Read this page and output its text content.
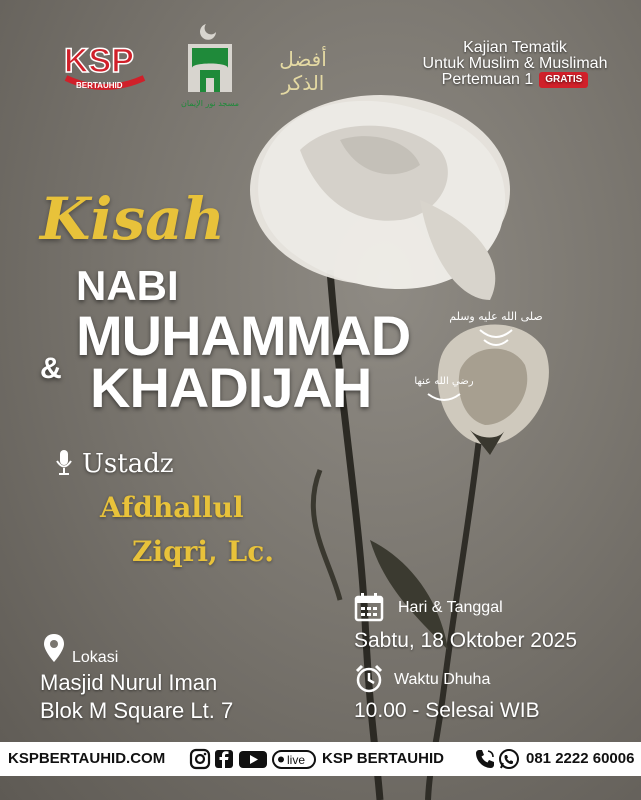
KSP
BERTAUHID
مسجد نور الإيمان
أفضل
الذكر
Kajian Tematik
Untuk Muslim & Muslimah
Pertemuan 1 GRATIS
Kisah
NABI
MUHAMMAD
& KHADIJAH
صلى الله عليه وسلم
رضي الله عنها
Ustadz
Afdhallul
Ziqri, Lc.
Lokasi
Masjid Nurul Iman
Blok M Square Lt. 7
Hari & Tanggal
Sabtu, 18 Oktober 2025
Waktu Dhuha
10.00 - Selesai WIB
KSPBERTAUHID.COM	live KSP BERTAUHID	081 2222 60006
